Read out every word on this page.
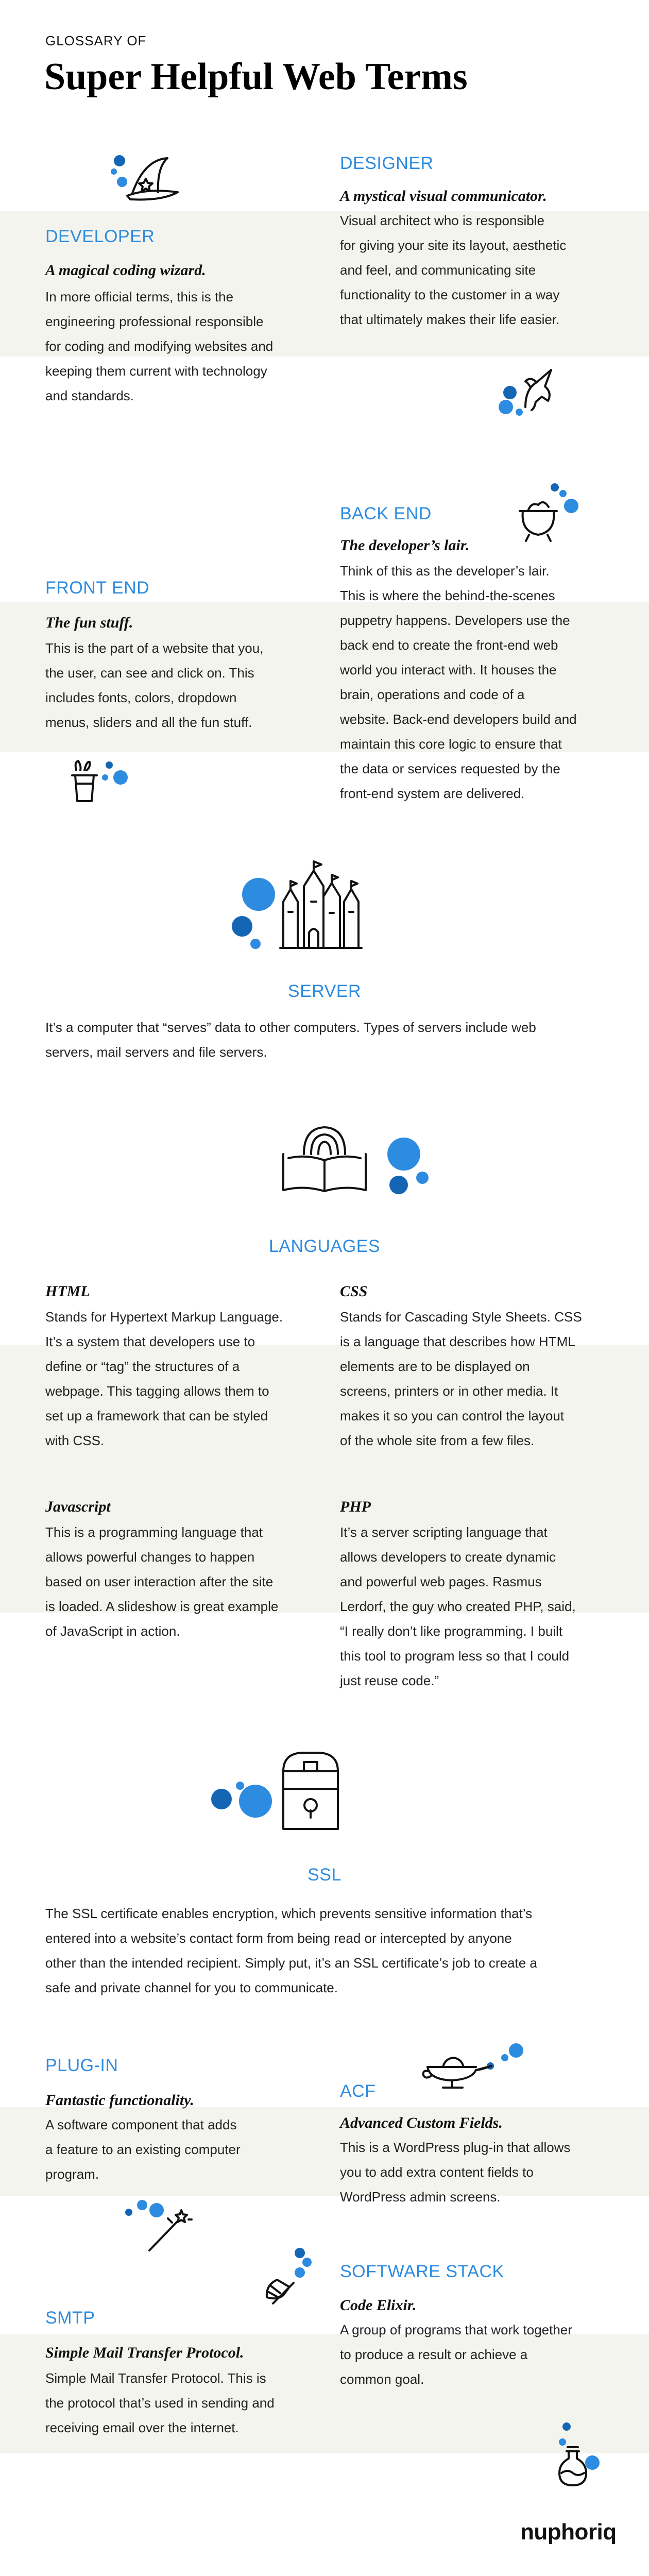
GLOSSARY OF
Super Helpful Web Terms
DEVELOPER
A magical coding wizard.
In more official terms, this is the
engineering professional responsible
for coding and modifying websites and
keeping them current with technology
and standards.
DESIGNER
A mystical visual communicator.
Visual architect who is responsible
for giving your site its layout, aesthetic
and feel, and communicating site
functionality to the customer in a way
that ultimately makes their life easier.
BACK END
The developer’s lair.
Think of this as the developer’s lair.
This is where the behind-the-scenes
puppetry happens. Developers use the
back end to create the front-end web
world you interact with. It houses the
brain, operations and code of a
website. Back-end developers build and
maintain this core logic to ensure that
the data or services requested by the
front-end system are delivered.
FRONT END
The fun stuff.
This is the part of a website that you,
the user, can see and click on. This
includes fonts, colors, dropdown
menus, sliders and all the fun stuff.
SERVER
It’s a computer that “serves” data to other computers. Types of servers include web
servers, mail servers and file servers.
LANGUAGES
HTML
Stands for Hypertext Markup Language.
It’s a system that developers use to
define or “tag” the structures of a
webpage. This tagging allows them to
set up a framework that can be styled
with CSS.
CSS
Stands for Cascading Style Sheets. CSS
is a language that describes how HTML
elements are to be displayed on
screens, printers or in other media. It
makes it so you can control the layout
of the whole site from a few files.
Javascript
This is a programming language that
allows powerful changes to happen
based on user interaction after the site
is loaded. A slideshow is great example
of JavaScript in action.
PHP
It’s a server scripting language that
allows developers to create dynamic
and powerful web pages. Rasmus
Lerdorf, the guy who created PHP, said,
“I really don’t like programming. I built
this tool to program less so that I could
just reuse code.”
SSL
The SSL certificate enables encryption, which prevents sensitive information that’s
entered into a website’s contact form from being read or intercepted by anyone
other than the intended recipient. Simply put, it’s an SSL certificate’s job to create a
safe and private channel for you to communicate.
PLUG-IN
Fantastic functionality.
A software component that adds
a feature to an existing computer
program.
ACF
Advanced Custom Fields.
This is a WordPress plug-in that allows
you to add extra content fields to
WordPress admin screens.
SOFTWARE STACK
Code Elixir.
A group of programs that work together
to produce a result or achieve a
common goal.
SMTP
Simple Mail Transfer Protocol.
Simple Mail Transfer Protocol. This is
the protocol that’s used in sending and
receiving email over the internet.
nuphoriq
